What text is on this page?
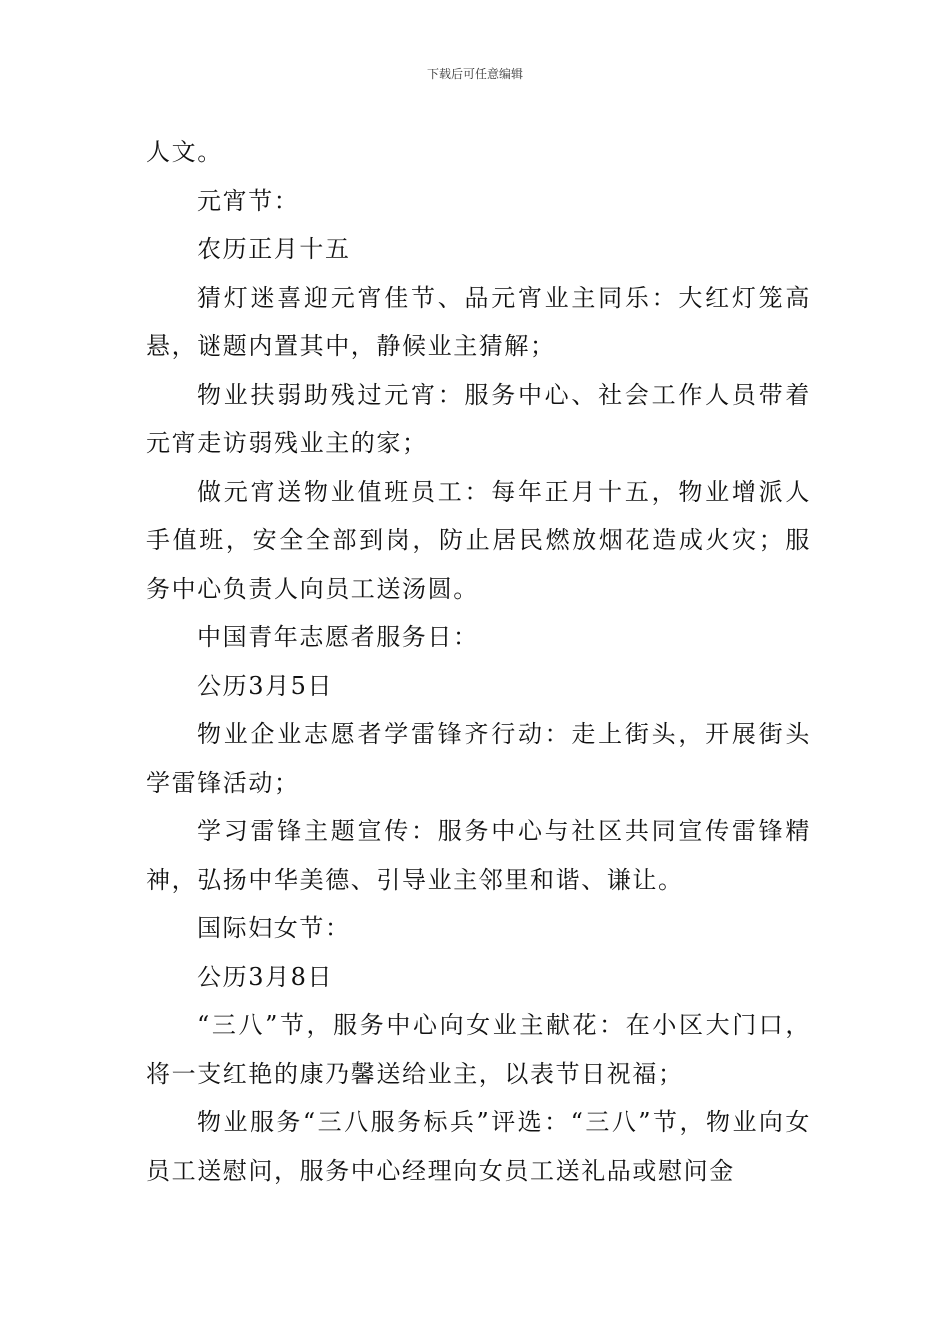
下载后可任意编辑

人文。

元宵节：

农历正月十五

猜灯迷喜迎元宵佳节、品元宵业主同乐：大红灯笼高悬，谜题内置其中，静候业主猜解；

物业扶弱助残过元宵：服务中心、社会工作人员带着元宵走访弱残业主的家；

做元宵送物业值班员工：每年正月十五，物业增派人手值班，安全全部到岗，防止居民燃放烟花造成火灾；服务中心负责人向员工送汤圆。

中国青年志愿者服务日：

公历3月5日

物业企业志愿者学雷锋齐行动：走上街头，开展街头学雷锋活动；

学习雷锋主题宣传：服务中心与社区共同宣传雷锋精神，弘扬中华美德、引导业主邻里和谐、谦让。

国际妇女节：

公历3月8日

“三八”节，服务中心向女业主献花：在小区大门口，将一支红艳的康乃馨送给业主，以表节日祝福；

物业服务“三八服务标兵”评选：“三八”节，物业向女员工送慰问，服务中心经理向女员工送礼品或慰问金
